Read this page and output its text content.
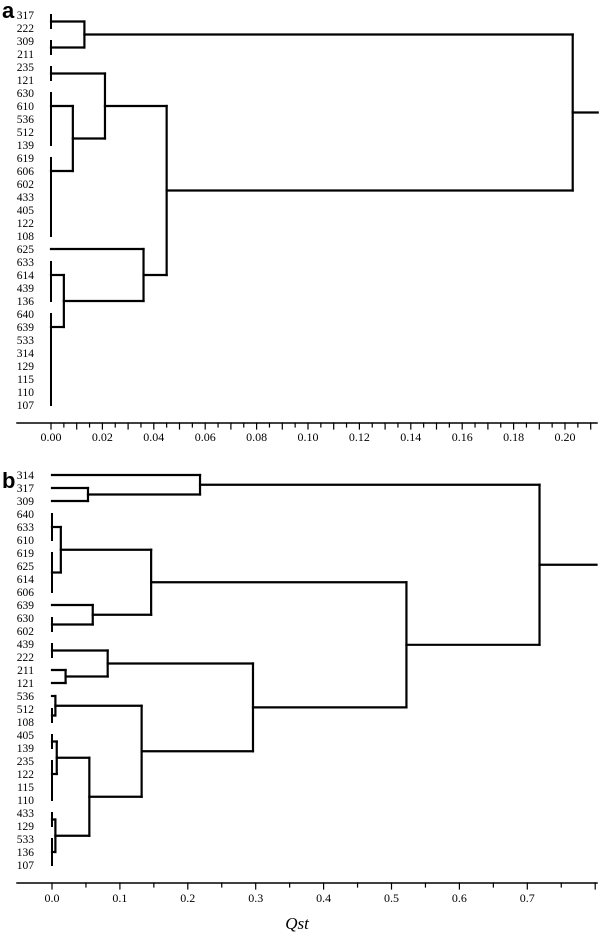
a 317
222
309
211
235
121
630
610
536
512
139
619
606
602
433
405
122
108
625
633
614
439
136
640
639
533
314
129
115
110
107
0.00	0.02	0.04	0.06	0.08	0.10	0.12	0.14	0.16	0.18	0.20
b 314
317
309
640
633
610
619
625
614
606
639
630
602
439
222
211
121
536
512
108
405
139
235
122
115
110
433
129
533
136
107
0.0	0.1	0.2	0.3	0.4	0.5	0.6	0.7
Qst
